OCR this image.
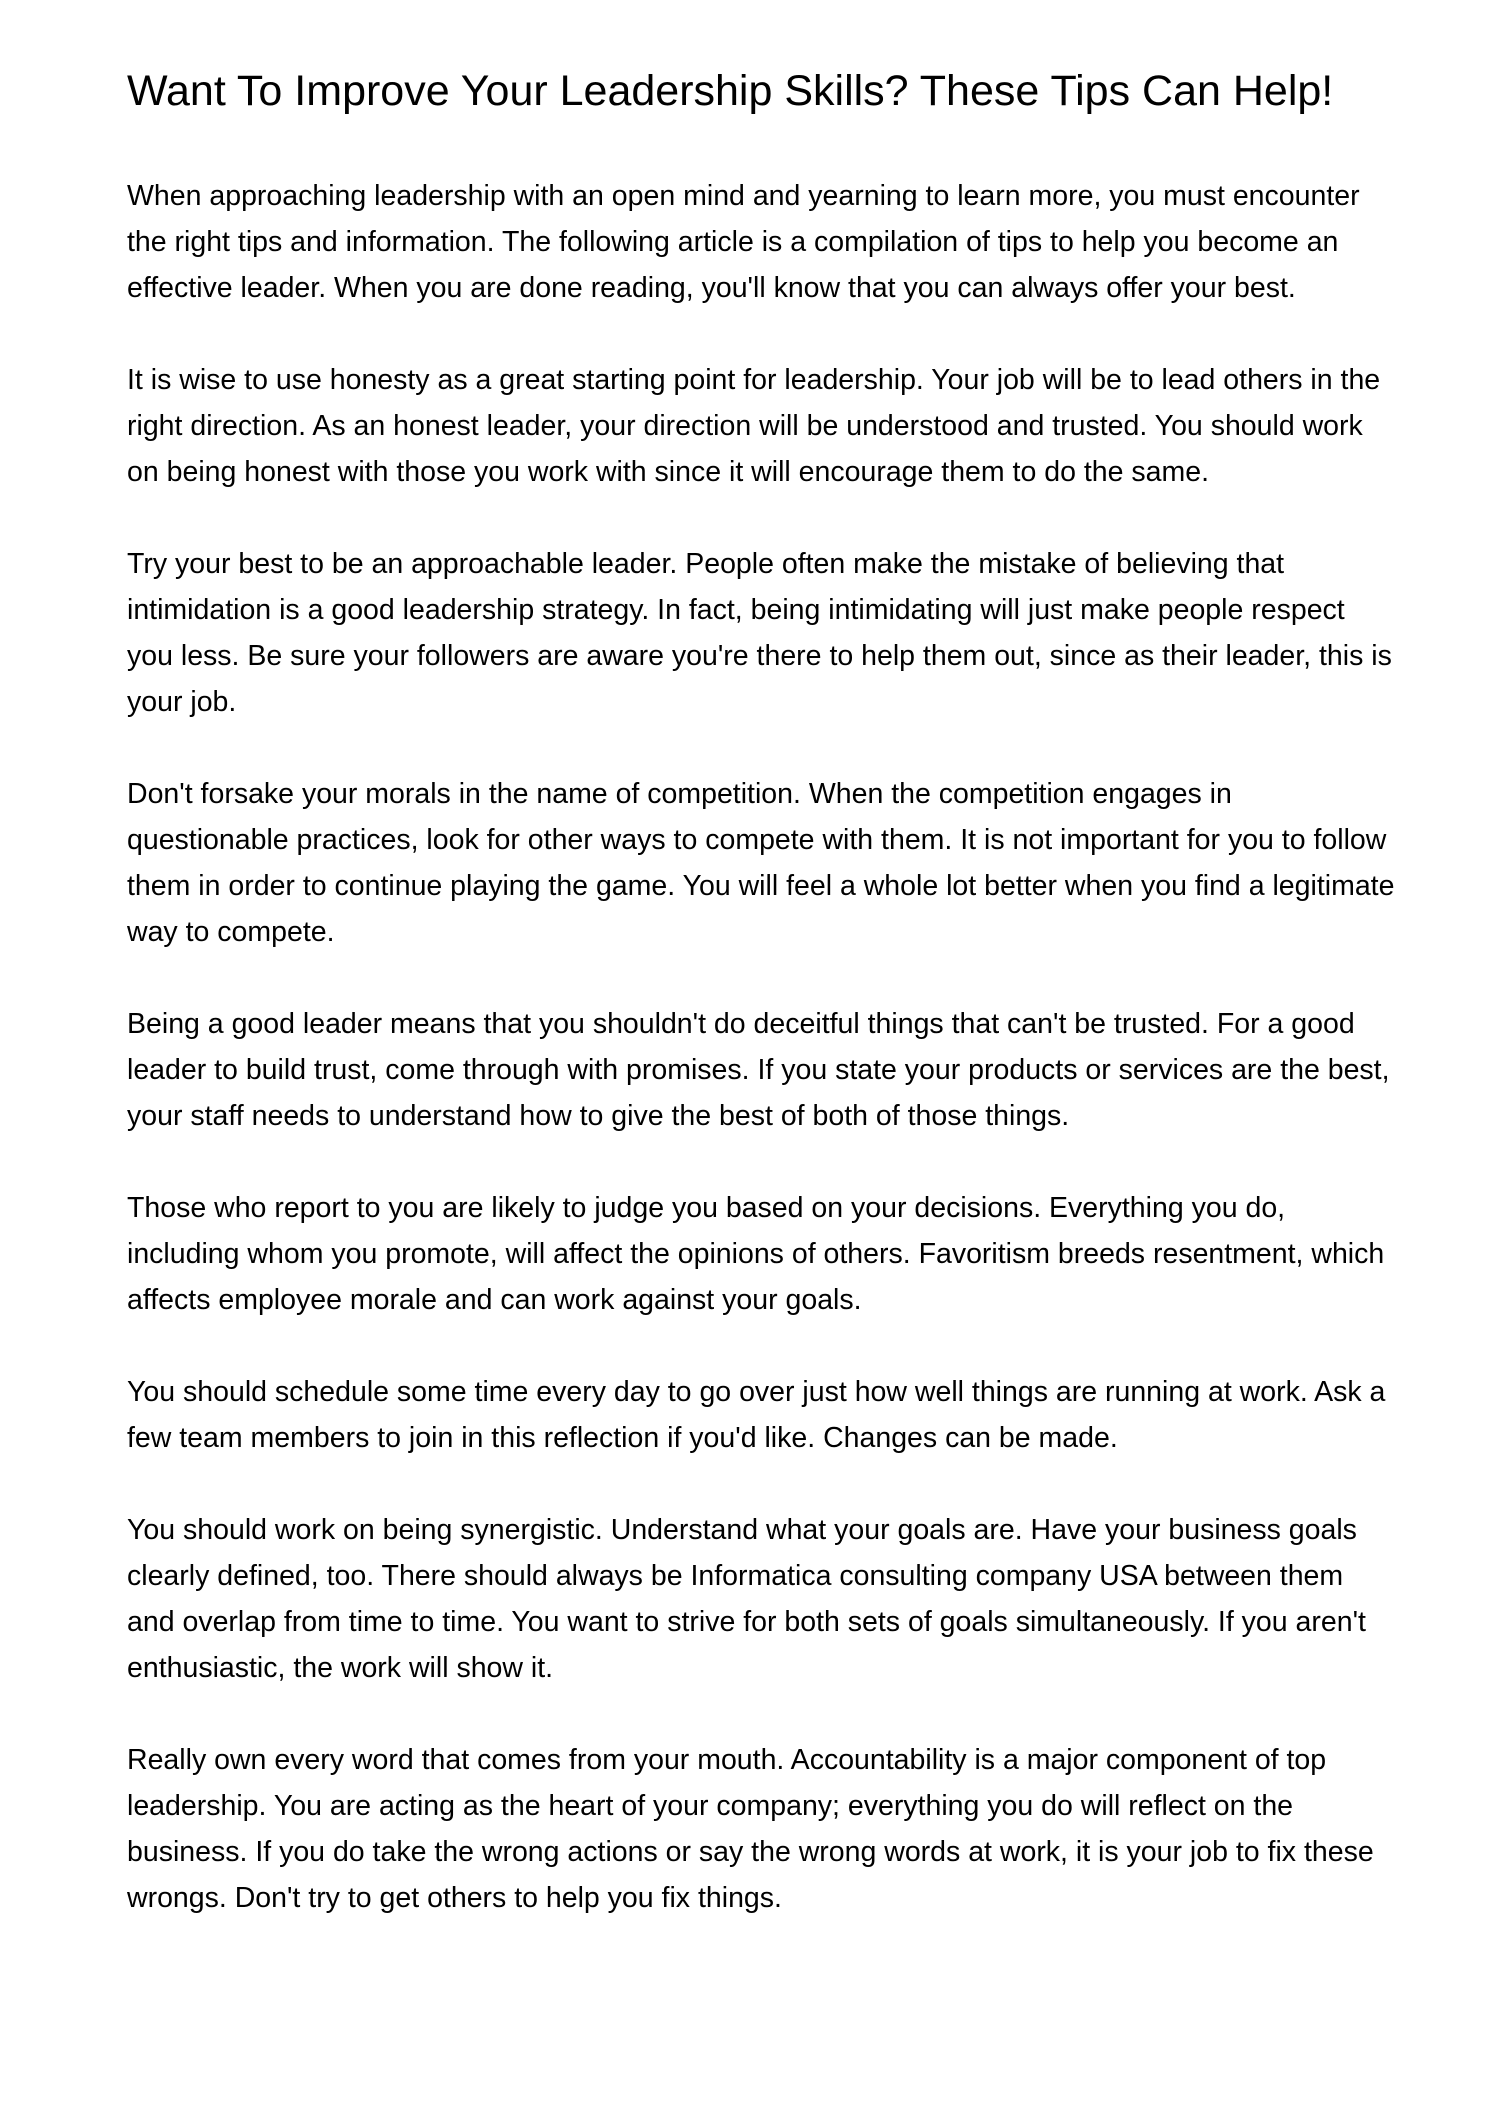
Want To Improve Your Leadership Skills? These Tips Can Help!

When approaching leadership with an open mind and yearning to learn more, you must encounter the right tips and information. The following article is a compilation of tips to help you become an effective leader. When you are done reading, you'll know that you can always offer your best.

It is wise to use honesty as a great starting point for leadership. Your job will be to lead others in the right direction. As an honest leader, your direction will be understood and trusted. You should work on being honest with those you work with since it will encourage them to do the same.

Try your best to be an approachable leader. People often make the mistake of believing that intimidation is a good leadership strategy. In fact, being intimidating will just make people respect you less. Be sure your followers are aware you're there to help them out, since as their leader, this is your job.

Don't forsake your morals in the name of competition. When the competition engages in questionable practices, look for other ways to compete with them. It is not important for you to follow them in order to continue playing the game. You will feel a whole lot better when you find a legitimate way to compete.

Being a good leader means that you shouldn't do deceitful things that can't be trusted. For a good leader to build trust, come through with promises. If you state your products or services are the best, your staff needs to understand how to give the best of both of those things.

Those who report to you are likely to judge you based on your decisions. Everything you do, including whom you promote, will affect the opinions of others. Favoritism breeds resentment, which affects employee morale and can work against your goals.

You should schedule some time every day to go over just how well things are running at work. Ask a few team members to join in this reflection if you'd like. Changes can be made.

You should work on being synergistic. Understand what your goals are. Have your business goals clearly defined, too. There should always be Informatica consulting company USA between them and overlap from time to time. You want to strive for both sets of goals simultaneously. If you aren't enthusiastic, the work will show it.

Really own every word that comes from your mouth. Accountability is a major component of top leadership. You are acting as the heart of your company; everything you do will reflect on the business. If you do take the wrong actions or say the wrong words at work, it is your job to fix these wrongs. Don't try to get others to help you fix things.
